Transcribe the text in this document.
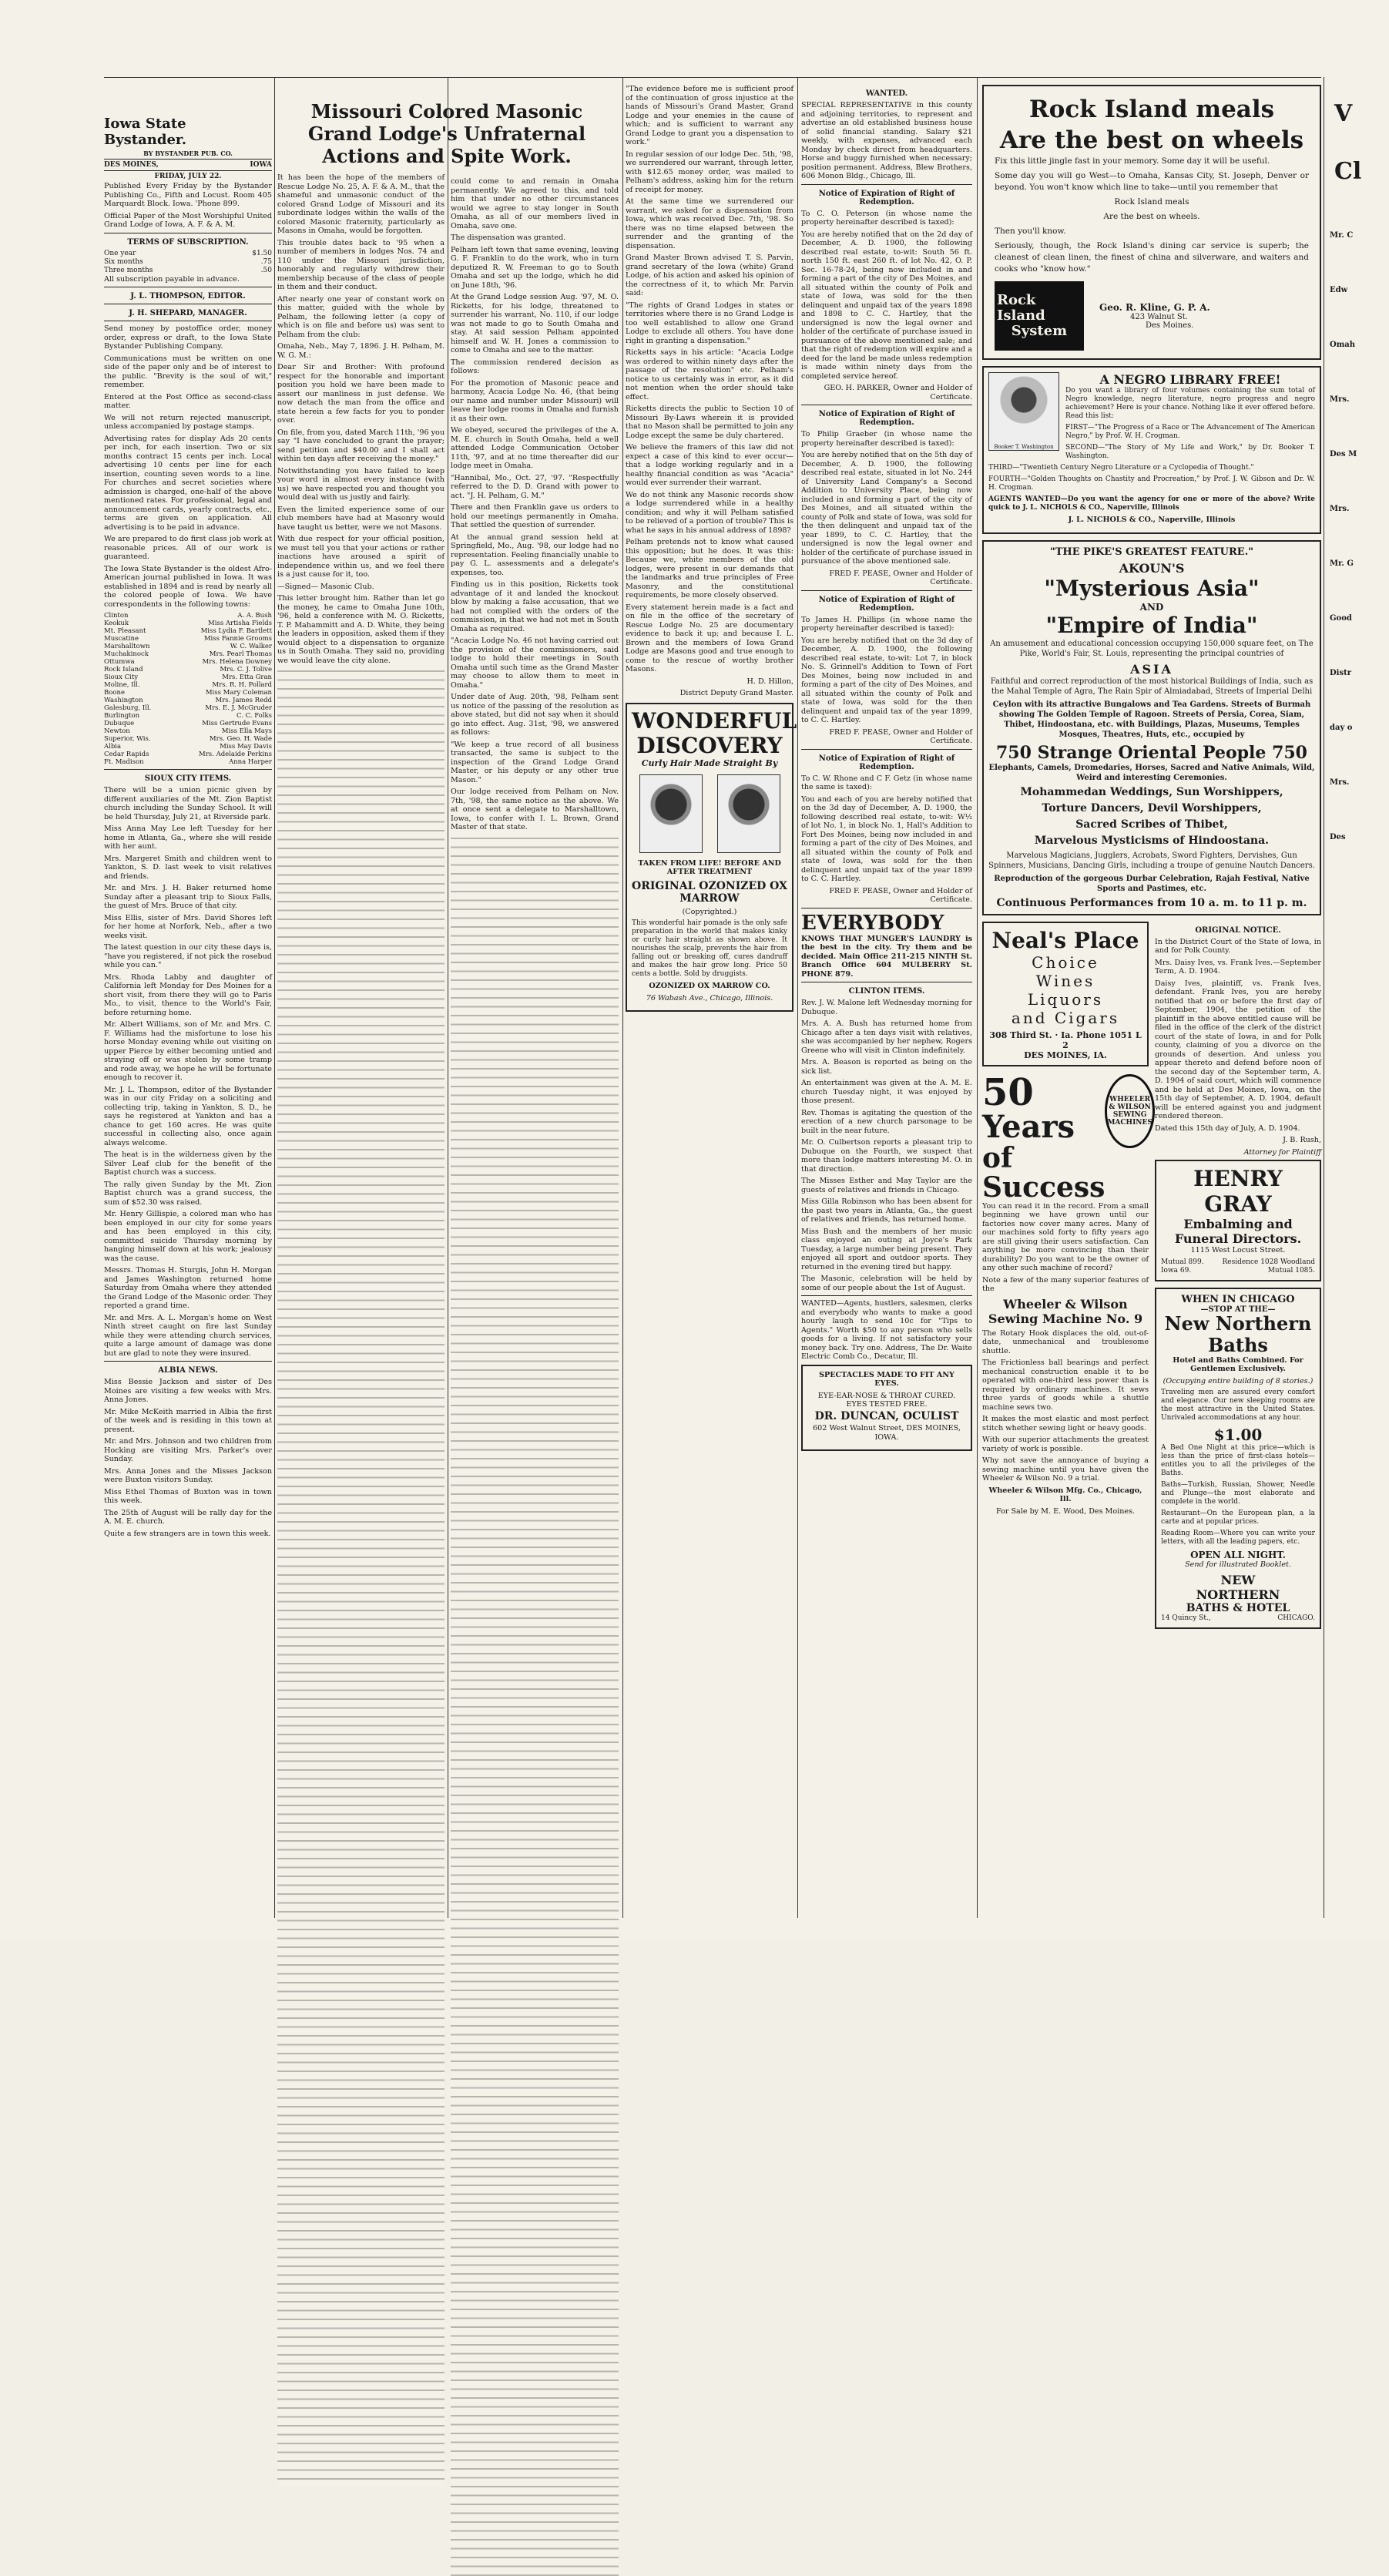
Iowa State Bystander.
BY BYSTANDER PUB. CO.
DES MOINES,	IOWA
FRIDAY, JULY 22.

Published Every Friday by the Bystander Publishing Co., Fifth and Locust. Room 405 Marquardt Block. Iowa. 'Phone 899.

Official Paper of the Most Worshipful United Grand Lodge of Iowa, A. F. & A. M.

TERMS OF SUBSCRIPTION.
One year	$1.50
Six months	.75
Three months	.50

All subscription payable in advance.

J. L. THOMPSON, EDITOR.
J. H. SHEPARD, MANAGER.

Send money by postoffice order, money order, express or draft, to the Iowa State Bystander Publishing Company.

Communications must be written on one side of the paper only and be of interest to the public. "Brevity is the soul of wit," remember.

Entered at the Post Office as second-class matter.

We will not return rejected manuscript, unless accompanied by postage stamps.

Advertising rates for display Ads 20 cents per inch, for each insertion. Two or six months contract 15 cents per inch. Local advertising 10 cents per line for each insertion, counting seven words to a line. For churches and secret societies where admission is charged, one-half of the above mentioned rates. For professional, legal and announcement cards, yearly contracts, etc., terms are given on application. All advertising is to be paid in advance.

We are prepared to do first class job work at reasonable prices. All of our work is guaranteed.

The Iowa State Bystander is the oldest Afro-American journal published in Iowa. It was established in 1894 and is read by nearly all the colored people of Iowa. We have correspondents in the following towns:

Clinton	A. A. Bush
Keokuk	Miss Artisha Fields
Mt. Pleasant	Miss Lydia F. Bartlett
Muscatine	Miss Fannie Grooms
Marshalltown	W. C. Walker
Muchakinock	Mrs. Pearl Thomas
Ottumwa	Mrs. Helena Downey
Rock Island	Mrs. C. J. Tolive
Sioux City	Mrs. Etta Gran
Moline, Ill.	Mrs. R. H. Pollard
Boone	Miss Mary Coleman
Washington	Mrs. James Redd
Galesburg, Ill.	Mrs. E. J. McGruder
Burlington	C. C. Folks
Dubuque	Miss Gertrude Evans
Newton	Miss Ella Mays
Superior, Wis.	Mrs. Geo. H. Wade
Albia	Miss May Davis
Cedar Rapids	Mrs. Adelaide Perkins
Ft. Madison	Anna Harper
SIOUX CITY ITEMS.

There will be a union picnic given by different auxiliaries of the Mt. Zion Baptist church including the Sunday School. It will be held Thursday, July 21, at Riverside park.

Miss Anna May Lee left Tuesday for her home in Atlanta, Ga., where she will reside with her aunt.

Mrs. Margeret Smith and children went to Yankton, S. D. last week to visit relatives and friends.

Mr. and Mrs. J. H. Baker returned home Sunday after a pleasant trip to Sioux Falls, the guest of Mrs. Bruce of that city.

Miss Ellis, sister of Mrs. David Shores left for her home at Norfork, Neb., after a two weeks visit.

The latest question in our city these days is, "have you registered, if not pick the rosebud while you can."

Mrs. Rhoda Labby and daughter of California left Monday for Des Moines for a short visit, from there they will go to Paris Mo., to visit, thence to the World's Fair, before returning home.

Mr. Albert Williams, son of Mr. and Mrs. C. F. Williams had the misfortune to lose his horse Monday evening while out visiting on upper Pierce by either becoming untied and straying off or was stolen by some tramp and rode away, we hope he will be fortunate enough to recover it.

Mr. J. L. Thompson, editor of the Bystander was in our city Friday on a soliciting and collecting trip, taking in Yankton, S. D., he says he registered at Yankton and has a chance to get 160 acres. He was quite successful in collecting also, once again always welcome.

The heat is in the wilderness given by the Silver Leaf club for the benefit of the Baptist church was a success.

The rally given Sunday by the Mt. Zion Baptist church was a grand success, the sum of $52.30 was raised.

Mr. Henry Gillispie, a colored man who has been employed in our city for some years and has been employed in this city, committed suicide Thursday morning by hanging himself down at his work; jealousy was the cause.

Messrs. Thomas H. Sturgis, John H. Morgan and James Washington returned home Saturday from Omaha where they attended the Grand Lodge of the Masonic order. They reported a grand time.

Mr. and Mrs. A. L. Morgan's home on West Ninth street caught on fire last Sunday while they were attending church services, quite a large amount of damage was done but are glad to note they were insured.

ALBIA NEWS.

Miss Bessie Jackson and sister of Des Moines are visiting a few weeks with Mrs. Anna Jones.

Mr. Mike McKeith married in Albia the first of the week and is residing in this town at present.

Mr. and Mrs. Johnson and two children from Hocking are visiting Mrs. Parker's over Sunday.

Mrs. Anna Jones and the Misses Jackson were Buxton visitors Sunday.

Miss Ethel Thomas of Buxton was in town this week.

The 25th of August will be rally day for the A. M. E. church.

Quite a few strangers are in town this week.

Missouri Colored Masonic Grand Lodge's Unfraternal Actions and Spite Work.

It has been the hope of the members of Rescue Lodge No. 25, A. F. & A. M., that the shameful and unmasonic conduct of the colored Grand Lodge of Missouri and its subordinate lodges within the walls of the colored Masonic fraternity, particularly as Masons in Omaha, would be forgotten.

This trouble dates back to '95 when a number of members in lodges Nos. 74 and 110 under the Missouri jurisdiction, honorably and regularly withdrew their membership because of the class of people in them and their conduct.

After nearly one year of constant work on this matter, guided with the whole by Pelham, the following letter (a copy of which is on file and before us) was sent to Pelham from the club:

Omaha, Neb., May 7, 1896. J. H. Pelham, M. W. G. M.:

Dear Sir and Brother: With profound respect for the honorable and important position you hold we have been made to assert our manliness in just defense. We now detach the man from the office and state herein a few facts for you to ponder over.

On file, from you, dated March 11th, '96 you say "I have concluded to grant the prayer; send petition and $40.00 and I shall act within ten days after receiving the money."

Notwithstanding you have failed to keep your word in almost every instance (with us) we have respected you and thought you would deal with us justly and fairly.

Even the limited experience some of our club members have had at Masonry would have taught us better, were we not Masons.

With due respect for your official position, we must tell you that your actions or rather inactions have aroused a spirit of independence within us, and we feel there is a just cause for it, too.

—Signed— Masonic Club.

This letter brought him. Rather than let go the money, he came to Omaha June 10th, '96, held a conference with M. O. Ricketts, T. P. Mahammitt and A. D. White, they being the leaders in opposition, asked them if they would object to a dispensation to organize us in South Omaha. They said no, providing we would leave the city alone.

could come to and remain in Omaha permanently. We agreed to this, and told him that under no other circumstances would we agree to stay longer in South Omaha, as all of our members lived in Omaha, save one.

The dispensation was granted.

Pelham left town that same evening, leaving G. F. Franklin to do the work, who in turn deputized R. W. Freeman to go to South Omaha and set up the lodge, which he did on June 18th, '96.

At the Grand Lodge session Aug. '97, M. O. Ricketts, for his lodge, threatened to surrender his warrant, No. 110, if our lodge was not made to go to South Omaha and stay. At said session Pelham appointed himself and W. H. Jones a commission to come to Omaha and see to the matter.

The commission rendered decision as follows:

For the promotion of Masonic peace and harmony, Acacia Lodge No. 46, (that being our name and number under Missouri) will leave her lodge rooms in Omaha and furnish it as their own.

We obeyed, secured the privileges of the A. M. E. church in South Omaha, held a well attended Lodge Communication October 11th, '97, and at no time thereafter did our lodge meet in Omaha.

"Hannibal, Mo., Oct. 27, '97. "Respectfully referred to the D. D. Grand with power to act. "J. H. Pelham, G. M."

There and then Franklin gave us orders to hold our meetings permanently in Omaha. That settled the question of surrender.

At the annual grand session held at Springfield, Mo., Aug. '98, our lodge had no representation. Feeling financially unable to pay G. L. assessments and a delegate's expenses, too.

Finding us in this position, Ricketts took advantage of it and landed the knockout blow by making a false accusation, that we had not complied with the orders of the commission, in that we had not met in South Omaha as required.

"Acacia Lodge No. 46 not having carried out the provision of the commissioners, said lodge to hold their meetings in South Omaha until such time as the Grand Master may choose to allow them to meet in Omaha."

Under date of Aug. 20th, '98, Pelham sent us notice of the passing of the resolution as above stated, but did not say when it should go into effect. Aug. 31st, '98, we answered as follows:

"We keep a true record of all business transacted, the same is subject to the inspection of the Grand Lodge Grand Master, or his deputy or any other true Mason."

Our lodge received from Pelham on Nov. 7th, '98, the same notice as the above. We at once sent a delegate to Marshalltown, Iowa, to confer with I. L. Brown, Grand Master of that state.

"The evidence before me is sufficient proof of the continuation of gross injustice at the hands of Missouri's Grand Master, Grand Lodge and your enemies in the cause of which; and is sufficient to warrant any Grand Lodge to grant you a dispensation to work."

In regular session of our lodge Dec. 5th, '98, we surrendered our warrant, through letter, with $12.65 money order, was mailed to Pelham's address, asking him for the return of receipt for money.

At the same time we surrendered our warrant, we asked for a dispensation from Iowa, which was received Dec. 7th, '98. So there was no time elapsed between the surrender and the granting of the dispensation.

Grand Master Brown advised T. S. Parvin, grand secretary of the Iowa (white) Grand Lodge, of his action and asked his opinion of the correctness of it, to which Mr. Parvin said:

"The rights of Grand Lodges in states or territories where there is no Grand Lodge is too well established to allow one Grand Lodge to exclude all others. You have done right in granting a dispensation."

Ricketts says in his article: "Acacia Lodge was ordered to within ninety days after the passage of the resolution" etc. Pelham's notice to us certainly was in error, as it did not mention when the order should take effect.

Ricketts directs the public to Section 10 of Missouri By-Laws wherein it is provided that no Mason shall be permitted to join any Lodge except the same be duly chartered.

We believe the framers of this law did not expect a case of this kind to ever occur—that a lodge working regularly and in a healthy financial condition as was "Acacia" would ever surrender their warrant.

We do not think any Masonic records show a lodge surrendered while in a healthy condition; and why it will Pelham satisfied to be relieved of a portion of trouble? This is what he says in his annual address of 1898?

Pelham pretends not to know what caused this opposition; but he does. It was this: Because we, white members of the old lodges, were present in our demands that the landmarks and true principles of Free Masonry, and the constitutional requirements, be more closely observed.

Every statement herein made is a fact and on file in the office of the secretary of Rescue Lodge No. 25 are documentary evidence to back it up; and because I. L. Brown and the members of Iowa Grand Lodge are Masons good and true enough to come to the rescue of worthy brother Masons.

H. D. Hillon,

District Deputy Grand Master.

WONDERFUL DISCOVERY
Curly Hair Made Straight By

TAKEN FROM LIFE! BEFORE AND AFTER TREATMENT

ORIGINAL OZONIZED OX MARROW

(Copyrighted.)

This wonderful hair pomade is the only safe preparation in the world that makes kinky or curly hair straight as shown above. It nourishes the scalp, prevents the hair from falling out or breaking off, cures dandruff and makes the hair grow long. Price 50 cents a bottle. Sold by druggists.

OZONIZED OX MARROW CO.

76 Wabash Ave., Chicago, Illinois.

WANTED.

SPECIAL REPRESENTATIVE in this county and adjoining territories, to represent and advertise an old established business house of solid financial standing. Salary $21 weekly, with expenses, advanced each Monday by check direct from headquarters. Horse and buggy furnished when necessary; position permanent. Address, Blew Brothers, 606 Monon Bldg., Chicago, Ill.

Notice of Expiration of Right of Redemption.

To C. O. Peterson (in whose name the property hereinafter described is taxed):

You are hereby notified that on the 2d day of December, A. D. 1900, the following described real estate, to-wit: South 56 ft. north 150 ft. east 260 ft. of lot No. 42, O. P. Sec. 16-78-24, being now included in and forming a part of the city of Des Moines, and all situated within the county of Polk and state of Iowa, was sold for the then delinquent and unpaid tax of the years 1898 and 1898 to C. C. Hartley, that the undersigned is now the legal owner and holder of the certificate of purchase issued in pursuance of the above mentioned sale; and that the right of redemption will expire and a deed for the land be made unless redemption is made within ninety days from the completed service hereof.

GEO. H. PARKER, Owner and Holder of Certificate.

Notice of Expiration of Right of Redemption.

To Philip Graeber (in whose name the property hereinafter described is taxed):

You are hereby notified that on the 5th day of December, A. D. 1900, the following described real estate, situated in lot No. 244 of University Land Company's a Second Addition to University Place, being now included in and forming a part of the city of Des Moines, and all situated within the county of Polk and state of Iowa, was sold for the then delinquent and unpaid tax of the year 1899, to C. C. Hartley, that the undersigned is now the legal owner and holder of the certificate of purchase issued in pursuance of the above mentioned sale.

FRED F. PEASE, Owner and Holder of Certificate.

Notice of Expiration of Right of Redemption.

To James H. Phillips (in whose name the property hereinafter described is taxed):

You are hereby notified that on the 3d day of December, A. D. 1900, the following described real estate, to-wit: Lot 7, in block No. S. Grinnell's Addition to Town of Fort Des Moines, being now included in and forming a part of the city of Des Moines, and all situated within the county of Polk and state of Iowa, was sold for the then delinquent and unpaid tax of the year 1899, to C. C. Hartley.

FRED F. PEASE, Owner and Holder of Certificate.

Notice of Expiration of Right of Redemption.

To C. W. Rhone and C F. Getz (in whose name the same is taxed):

You and each of you are hereby notified that on the 3d day of December, A. D. 1900, the following described real estate, to-wit: W½ of lot No. 1, in block No. 1, Hall's Addition to Fort Des Moines, being now included in and forming a part of the city of Des Moines, and all situated within the county of Polk and state of Iowa, was sold for the then delinquent and unpaid tax of the year 1899 to C. C. Hartley.

FRED F. PEASE, Owner and Holder of Certificate.

EVERYBODY

KNOWS THAT MUNGER'S LAUNDRY is the best in the city. Try them and be decided. Main Office 211-215 NINTH St. Branch Office 604 MULBERRY St. PHONE 879.

CLINTON ITEMS.

Rev. J. W. Malone left Wednesday morning for Dubuque.

Mrs. A. A. Bush has returned home from Chicago after a ten days visit with relatives, she was accompanied by her nephew, Rogers Greene who will visit in Clinton indefinitely.

Mrs. A. Beason is reported as being on the sick list.

An entertainment was given at the A. M. E. church Tuesday night, it was enjoyed by those present.

Rev. Thomas is agitating the question of the erection of a new church parsonage to be built in the near future.

Mr. O. Culbertson reports a pleasant trip to Dubuque on the Fourth, we suspect that more than lodge matters interesting M. O. in that direction.

The Misses Esther and May Taylor are the guests of relatives and friends in Chicago.

Miss Gilla Robinson who has been absent for the past two years in Atlanta, Ga., the guest of relatives and friends, has returned home.

Miss Bush and the members of her music class enjoyed an outing at Joyce's Park Tuesday, a large number being present. They enjoyed all sport and outdoor sports. They returned in the evening tired but happy.

The Masonic, celebration will be held by some of our people about the 1st of August.

WANTED—Agents, hustlers, salesmen, clerks and everybody who wants to make a good hourly laugh to send 10c for "Tips to Agents." Worth $50 to any person who sells goods for a living. If not satisfactory your money back. Try one. Address, The Dr. Waite Electric Comb Co., Decatur, Ill.

SPECTACLES MADE TO FIT ANY EYES.

EYE-EAR-NOSE & THROAT CURED. EYES TESTED FREE.

DR. DUNCAN, OCULIST

602 West Walnut Street, DES MOINES, IOWA.

Rock Island meals
Are the best on wheels

Fix this little jingle fast in your memory. Some day it will be useful.

Some day you will go West—to Omaha, Kansas City, St. Joseph, Denver or beyond. You won't know which line to take—until you remember that

Rock Island meals

Are the best on wheels.

Then you'll know.

Seriously, though, the Rock Island's dining car service is superb; the cleanest of clean linen, the finest of china and silverware, and waiters and cooks who "know how."

Rock Island
System
Geo. R. Kline, G. P. A.
423 Walnut St.
Des Moines.
Booker T. Washington
A NEGRO LIBRARY FREE!

Do you want a library of four volumes containing the sum total of Negro knowledge, negro literature, negro progress and negro achievement? Here is your chance. Nothing like it ever offered before. Read this list:

FIRST—"The Progress of a Race or The Advancement of The American Negro," by Prof. W. H. Crogman.

SECOND—"The Story of My Life and Work," by Dr. Booker T. Washington.

THIRD—"Twentieth Century Negro Literature or a Cyclopedia of Thought."

FOURTH—"Golden Thoughts on Chastity and Procreation," by Prof. J. W. Gibson and Dr. W. H. Crogman.

AGENTS WANTED—Do you want the agency for one or more of the above? Write quick to J. L. NICHOLS & CO., Naperville, Illinois

J. L. NICHOLS & CO., Naperville, Illinois

"THE PIKE'S GREATEST FEATURE."
AKOUN'S
"Mysterious Asia"
AND
"Empire of India"

An amusement and educational concession occupying 150,000 square feet, on The Pike, World's Fair, St. Louis, representing the principal countries of

ASIA

Faithful and correct reproduction of the most historical Buildings of India, such as the Mahal Temple of Agra, The Rain Spir of Almiadabad, Streets of Imperial Delhi

Ceylon with its attractive Bungalows and Tea Gardens. Streets of Burmah showing The Golden Temple of Ragoon. Streets of Persia, Corea, Siam, Thibet, Hindoostana, etc. with Buildings, Plazas, Museums, Temples Mosques, Theatres, Huts, etc., occupied by

750 Strange Oriental People 750

Elephants, Camels, Dromedaries, Horses, Sacred and Native Animals, Wild, Weird and interesting Ceremonies.

Mohammedan Weddings, Sun Worshippers,

Torture Dancers, Devil Worshippers,

Sacred Scribes of Thibet,

Marvelous Mysticisms of Hindoostana.

Marvelous Magicians, Jugglers, Acrobats, Sword Fighters, Dervishes, Gun Spinners, Musicians, Dancing Girls, including a troupe of genuine Nautch Dancers.

Reproduction of the gorgeous Durbar Celebration, Rajah Festival, Native Sports and Pastimes, etc.

Continuous Performances from 10 a. m. to 11 p. m.
Neal's Place
Choice
Wines
Liquors
and Cigars
308 Third St. · Ia. Phone 1051 L 2
DES MOINES, IA.
50
Years
of Success
WHEELER & WILSON SEWING MACHINES

You can read it in the record. From a small beginning we have grown until our factories now cover many acres. Many of our machines sold forty to fifty years ago are still giving their users satisfaction. Can anything be more convincing than their durability? Do you want to be the owner of any other such machine of record?

Note a few of the many superior features of the

Wheeler & Wilson Sewing Machine No. 9

The Rotary Hook displaces the old, out-of-date, unmechanical and troublesome shuttle.

The Frictionless ball bearings and perfect mechanical construction enable it to be operated with one-third less power than is required by ordinary machines. It sews three yards of goods while a shuttle machine sews two.

It makes the most elastic and most perfect stitch whether sewing light or heavy goods.

With our superior attachments the greatest variety of work is possible.

Why not save the annoyance of buying a sewing machine until you have given the Wheeler & Wilson No. 9 a trial.

Wheeler & Wilson Mfg. Co., Chicago, Ill.

For Sale by M. E. Wood, Des Moines.

ORIGINAL NOTICE.

In the District Court of the State of Iowa, in and for Polk County.

Mrs. Daisy Ives, vs. Frank Ives.—September Term, A. D. 1904.

Daisy Ives, plaintiff, vs. Frank Ives, defendant. Frank Ives, you are hereby notified that on or before the first day of September, 1904, the petition of the plaintiff in the above entitled cause will be filed in the office of the clerk of the district court of the state of Iowa, in and for Polk county, claiming of you a divorce on the grounds of desertion. And unless you appear thereto and defend before noon of the second day of the September term, A. D. 1904 of said court, which will commence and be held at Des Moines, Iowa, on the 15th day of September, A. D. 1904, default will be entered against you and judgment rendered thereon.

Dated this 15th day of July, A. D. 1904.

J. B. Rush,

Attorney for Plaintiff

HENRY GRAY
Embalming and
Funeral Directors.

1115 West Locust Street.

Mutual 899.	Residence 1028 Woodland
Iowa 69.	Mutual 1085.
WHEN IN CHICAGO
—STOP AT THE—
New Northern
Baths

Hotel and Baths Combined. For Gentlemen Exclusively.

(Occupying entire building of 8 stories.)

Traveling men are assured every comfort and elegance. Our new sleeping rooms are the most attractive in the United States. Unrivaled accommodations at any hour.

$1.00

A Bed One Night at this price—which is less than the price of first-class hotels—entitles you to all the privileges of the Baths.

Baths—Turkish, Russian, Shower, Needle and Plunge—the most elaborate and complete in the world.

Restaurant—On the European plan, a la carte and at popular prices.

Reading Room—Where you can write your letters, with all the leading papers, etc.

OPEN ALL NIGHT.

Send for illustrated Booklet.

NEW
NORTHERN
BATHS & HOTEL
14 Quincy St.,	CHICAGO.
V
Cl
Mr. C
Edw
Omah
Mrs.
Des M
Mrs.
Mr. G
Good
Distr
day o
Mrs.
Des
